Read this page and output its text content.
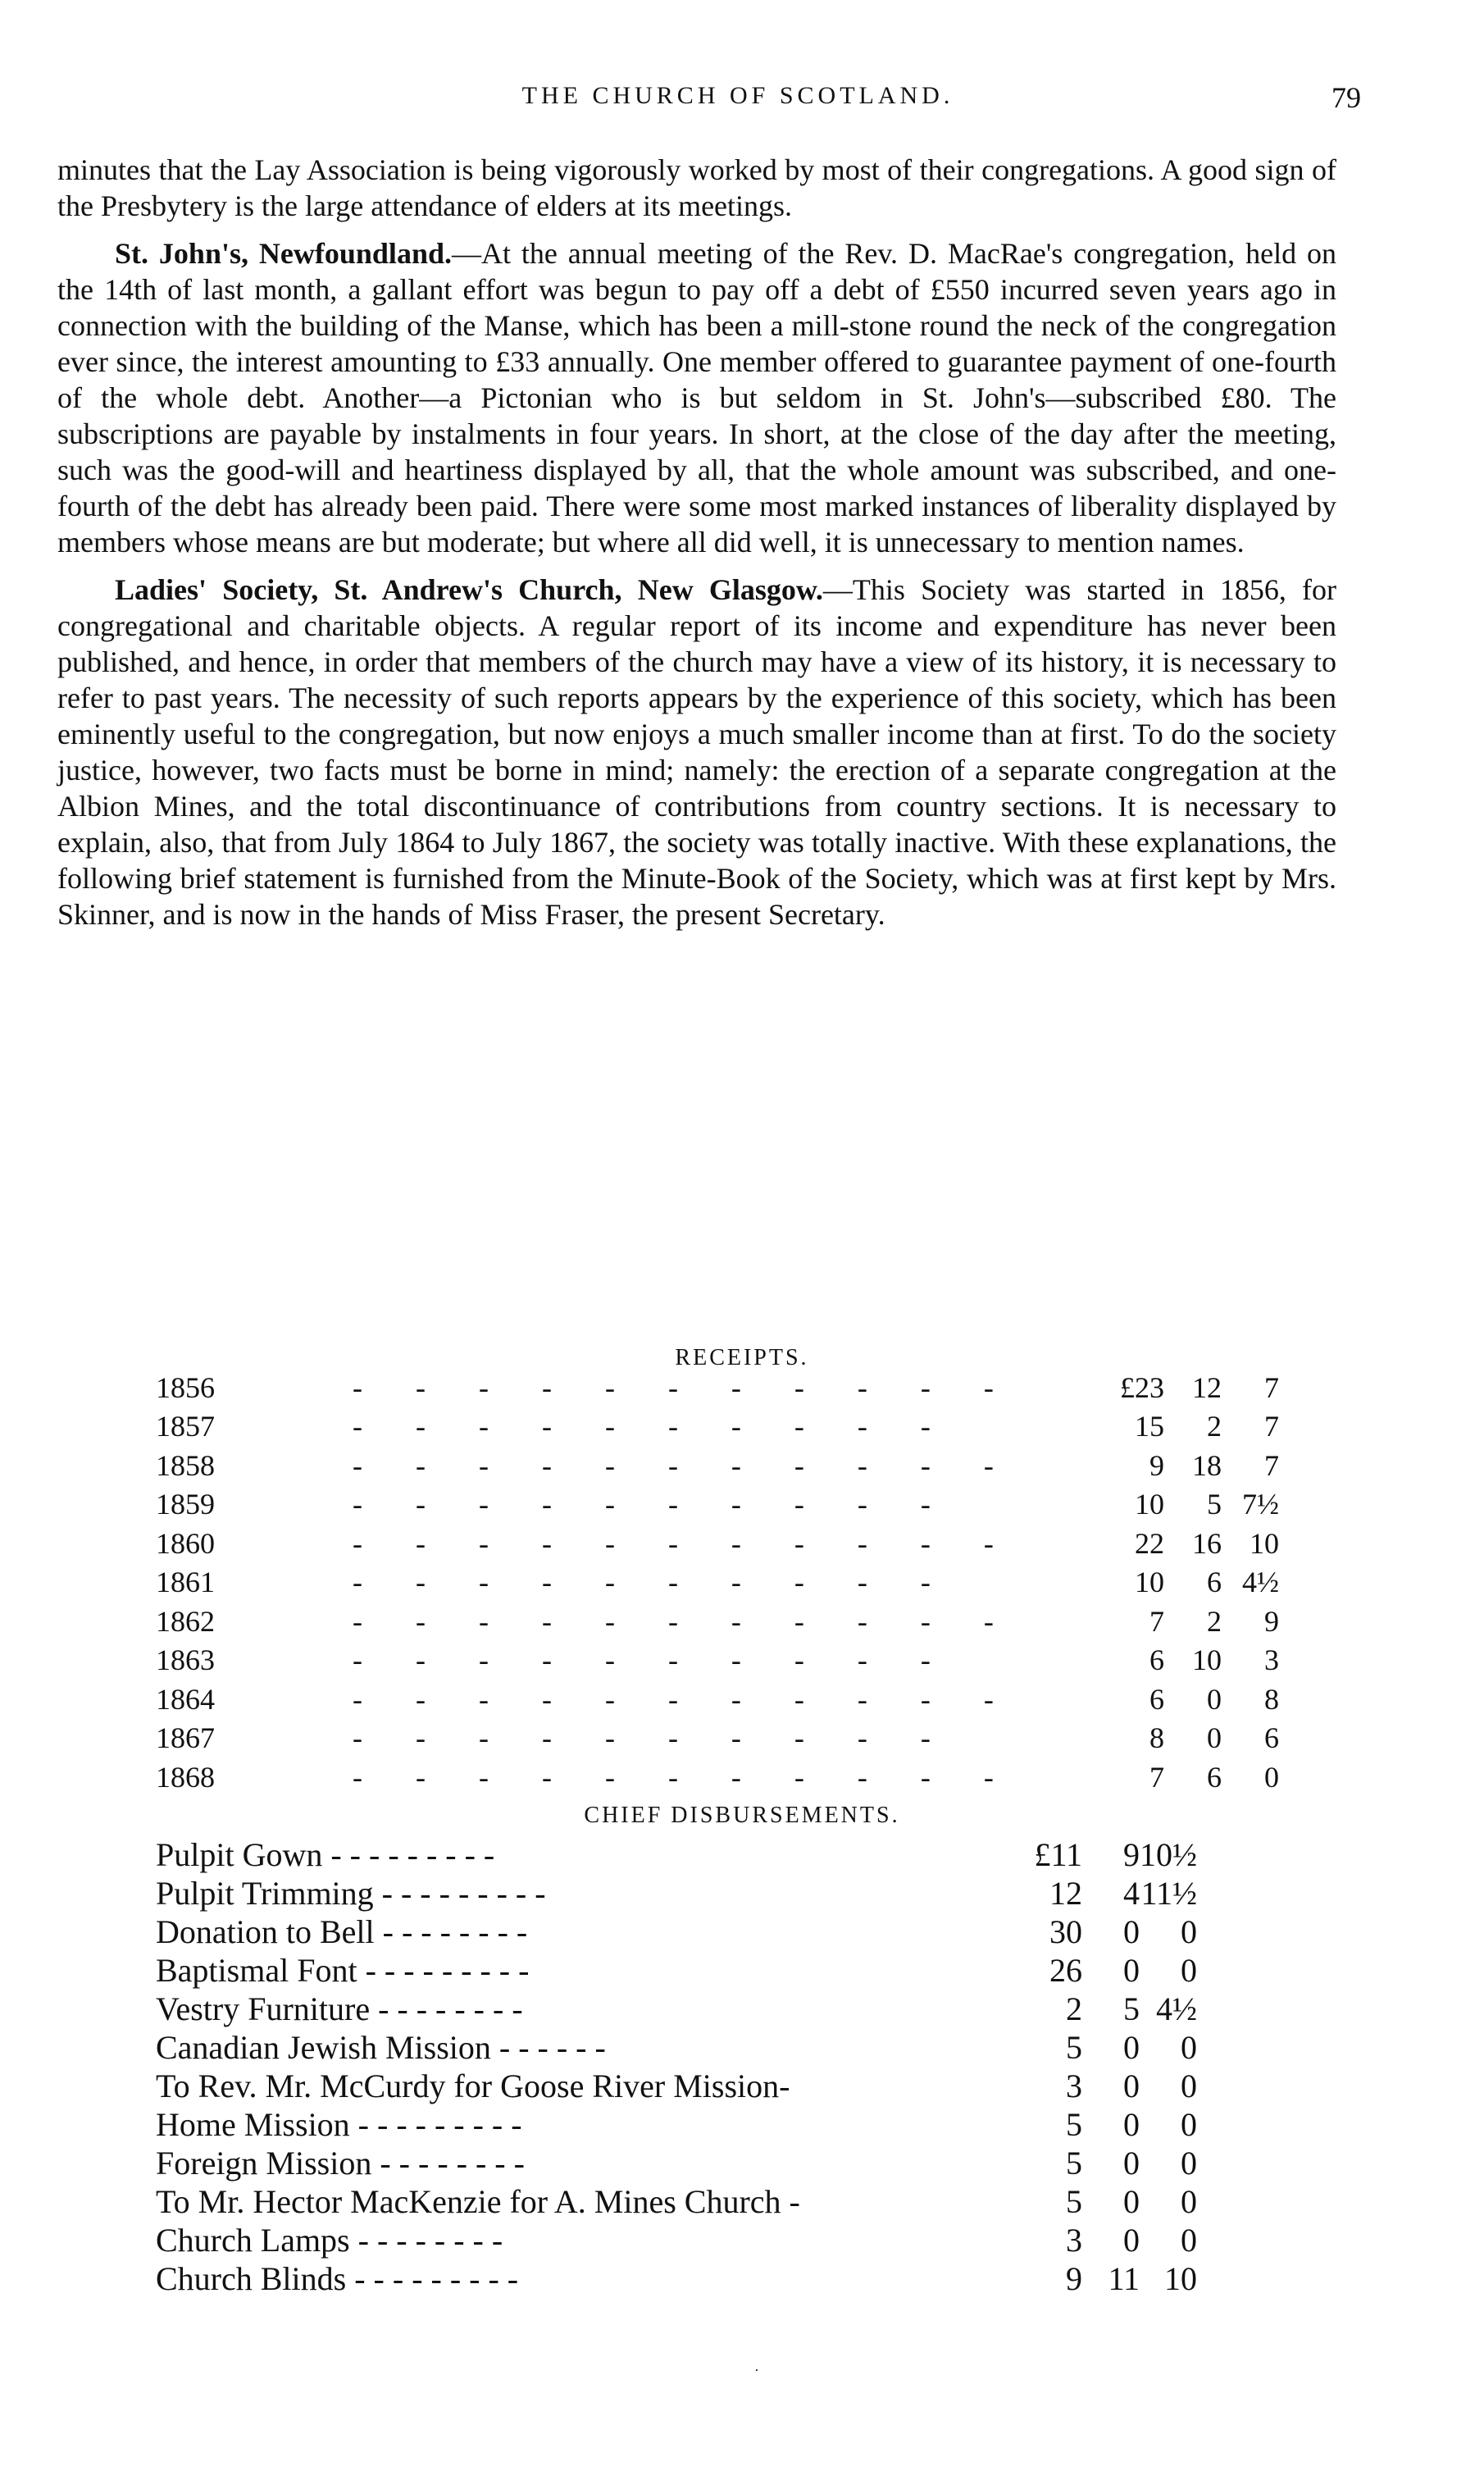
THE CHURCH OF SCOTLAND.	79

minutes that the Lay Association is being vigorously worked by most of their congregations. A good sign of the Presbytery is the large attendance of elders at its meetings.

St. John's, Newfoundland.—At the annual meeting of the Rev. D. MacRae's congregation, held on the 14th of last month, a gallant effort was begun to pay off a debt of £550 incurred seven years ago in connection with the building of the Manse, which has been a mill-stone round the neck of the congregation ever since, the interest amounting to £33 annually. One member offered to guarantee payment of one-fourth of the whole debt. Another—a Pictonian who is but seldom in St. John's—subscribed £80. The subscriptions are payable by instalments in four years. In short, at the close of the day after the meeting, such was the good-will and heartiness displayed by all, that the whole amount was subscribed, and one-fourth of the debt has already been paid. There were some most marked instances of liberality displayed by members whose means are but moderate; but where all did well, it is unnecessary to mention names.

Ladies' Society, St. Andrew's Church, New Glasgow.—This Society was started in 1856, for congregational and charitable objects. A regular report of its income and expenditure has never been published, and hence, in order that members of the church may have a view of its history, it is necessary to refer to past years. The necessity of such reports appears by the experience of this society, which has been eminently useful to the congregation, but now enjoys a much smaller income than at first. To do the society justice, however, two facts must be borne in mind; namely: the erection of a separate congregation at the Albion Mines, and the total discontinuance of contributions from country sections. It is necessary to explain, also, that from July 1864 to July 1867, the society was totally inactive. With these explanations, the following brief statement is furnished from the Minute-Book of the Society, which was at first kept by Mrs. Skinner, and is now in the hands of Miss Fraser, the present Secretary.

RECEIPTS.
1856	- - - - - - - - - - -	£23	12	7
1857	- - - - - - - - - -	15	2	7
1858	- - - - - - - - - - -	9	18	7
1859	- - - - - - - - - -	10	5	7½
1860	- - - - - - - - - - -	22	16	10
1861	- - - - - - - - - -	10	6	4½
1862	- - - - - - - - - - -	7	2	9
1863	- - - - - - - - - -	6	10	3
1864	- - - - - - - - - - -	6	0	8
1867	- - - - - - - - - -	8	0	6
1868	- - - - - - - - - - -	7	6	0
CHIEF DISBURSEMENTS.
Pulpit Gown - - - - - - - - -	£11	9	10½
Pulpit Trimming - - - - - - - - -	12	4	11½
Donation to Bell - - - - - - - -	30	0	0
Baptismal Font - - - - - - - - -	26	0	0
Vestry Furniture - - - - - - - -	2	5	4½
Canadian Jewish Mission - - - - - -	5	0	0
To Rev. Mr. McCurdy for Goose River Mission-	3	0	0
Home Mission - - - - - - - - -	5	0	0
Foreign Mission - - - - - - - -	5	0	0
To Mr. Hector MacKenzie for A. Mines Church -	5	0	0
Church Lamps - - - - - - - -	3	0	0
Church Blinds - - - - - - - - -	9	11	10
·
